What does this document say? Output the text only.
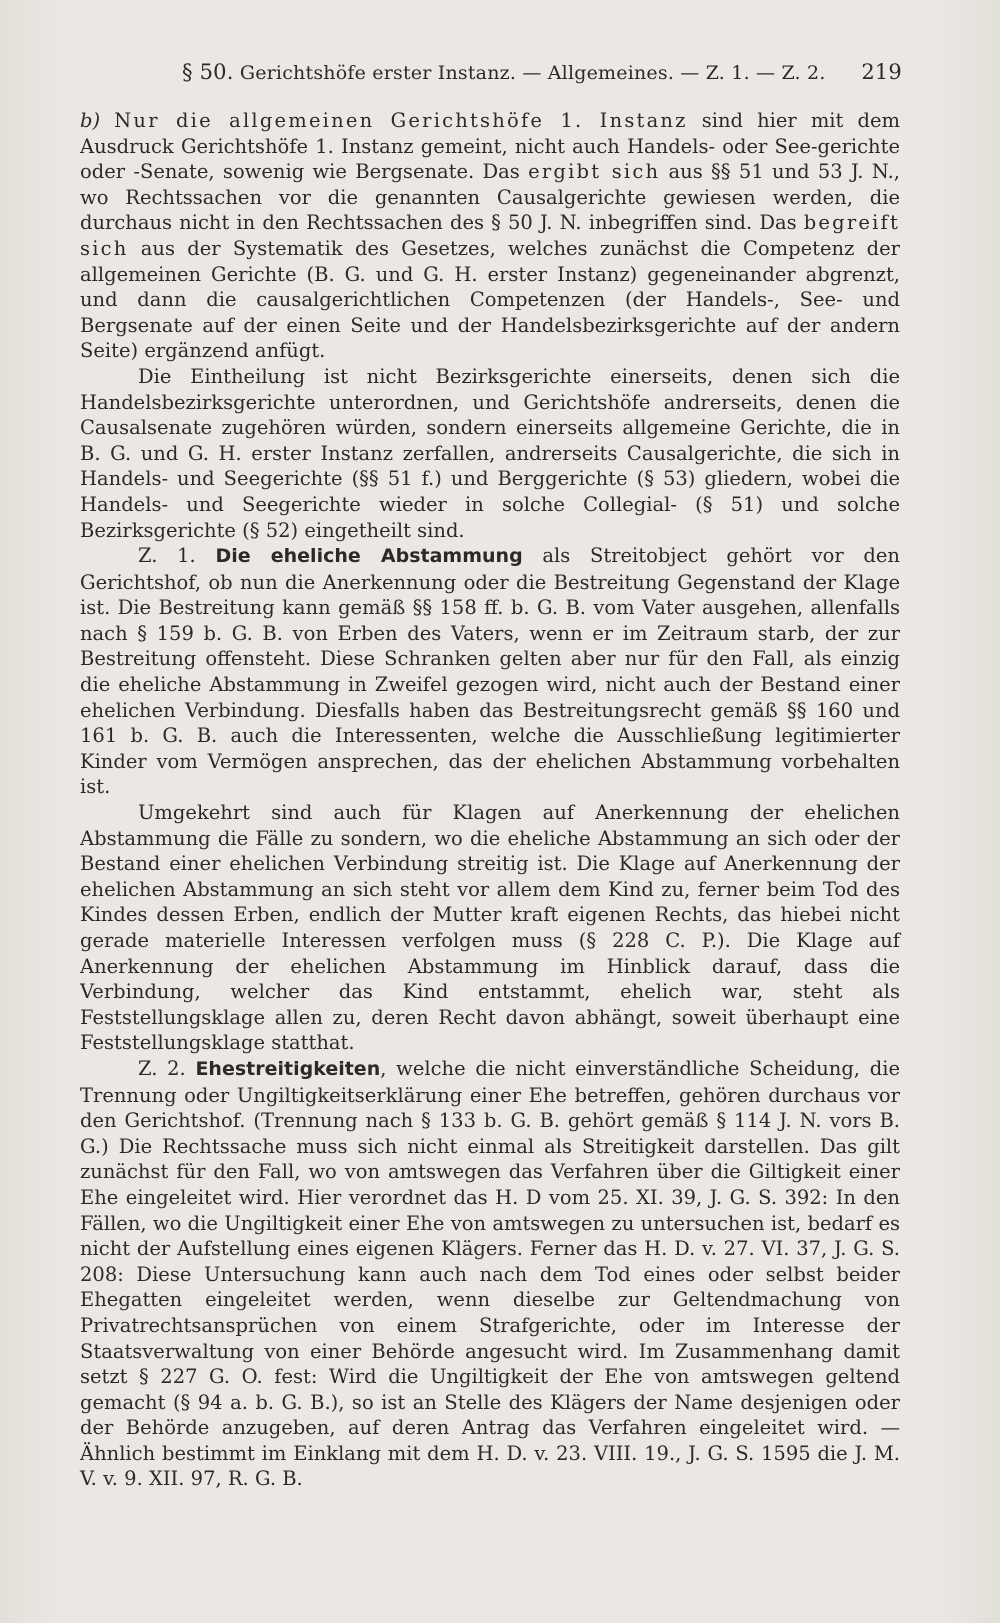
§ 50. Gerichtshöfe erster Instanz. — Allgemeines. — Z. 1. — Z. 2. 219

b) Nur die allgemeinen Gerichtshöfe 1. Instanz sind hier mit dem Ausdruck Gerichtshöfe 1. Instanz gemeint, nicht auch Handels- oder See-gerichte oder -Senate, sowenig wie Bergsenate. Das ergibt sich aus §§ 51 und 53 J. N., wo Rechtssachen vor die genannten Causalgerichte gewiesen werden, die durchaus nicht in den Rechtssachen des § 50 J. N. inbegriffen sind. Das begreift sich aus der Systematik des Gesetzes, welches zunächst die Competenz der allgemeinen Gerichte (B. G. und G. H. erster Instanz) gegeneinander abgrenzt, und dann die causalgerichtlichen Competenzen (der Handels-, See- und Bergsenate auf der einen Seite und der Handelsbezirksgerichte auf der andern Seite) ergänzend anfügt.

Die Eintheilung ist nicht Bezirksgerichte einerseits, denen sich die Handelsbezirksgerichte unterordnen, und Gerichtshöfe andrerseits, denen die Causalsenate zugehören würden, sondern einerseits allgemeine Gerichte, die in B. G. und G. H. erster Instanz zerfallen, andrerseits Causalgerichte, die sich in Handels- und Seegerichte (§§ 51 f.) und Berggerichte (§ 53) gliedern, wobei die Handels- und Seegerichte wieder in solche Collegial- (§ 51) und solche Bezirksgerichte (§ 52) eingetheilt sind.

Z. 1. Die eheliche Abstammung als Streitobject gehört vor den Gerichtshof, ob nun die Anerkennung oder die Bestreitung Gegenstand der Klage ist. Die Bestreitung kann gemäß §§ 158 ff. b. G. B. vom Vater ausgehen, allenfalls nach § 159 b. G. B. von Erben des Vaters, wenn er im Zeitraum starb, der zur Bestreitung offensteht. Diese Schranken gelten aber nur für den Fall, als einzig die eheliche Abstammung in Zweifel gezogen wird, nicht auch der Bestand einer ehelichen Verbindung. Diesfalls haben das Bestreitungsrecht gemäß §§ 160 und 161 b. G. B. auch die Interessenten, welche die Ausschließung legitimierter Kinder vom Vermögen ansprechen, das der ehelichen Abstammung vorbehalten ist.

Umgekehrt sind auch für Klagen auf Anerkennung der ehelichen Abstammung die Fälle zu sondern, wo die eheliche Abstammung an sich oder der Bestand einer ehelichen Verbindung streitig ist. Die Klage auf Anerkennung der ehelichen Abstammung an sich steht vor allem dem Kind zu, ferner beim Tod des Kindes dessen Erben, endlich der Mutter kraft eigenen Rechts, das hiebei nicht gerade materielle Interessen verfolgen muss (§ 228 C. P.). Die Klage auf Anerkennung der ehelichen Abstammung im Hinblick darauf, dass die Verbindung, welcher das Kind entstammt, ehelich war, steht als Feststellungsklage allen zu, deren Recht davon abhängt, soweit überhaupt eine Feststellungsklage statthat.

Z. 2. Ehestreitigkeiten, welche die nicht einverständliche Scheidung, die Trennung oder Ungiltigkeitserklärung einer Ehe betreffen, gehören durchaus vor den Gerichtshof. (Trennung nach § 133 b. G. B. gehört gemäß § 114 J. N. vors B. G.) Die Rechtssache muss sich nicht einmal als Streitigkeit darstellen. Das gilt zunächst für den Fall, wo von amtswegen das Verfahren über die Giltigkeit einer Ehe eingeleitet wird. Hier verordnet das H. D vom 25. XI. 39, J. G. S. 392: In den Fällen, wo die Ungiltigkeit einer Ehe von amtswegen zu untersuchen ist, bedarf es nicht der Aufstellung eines eigenen Klägers. Ferner das H. D. v. 27. VI. 37, J. G. S. 208: Diese Untersuchung kann auch nach dem Tod eines oder selbst beider Ehegatten eingeleitet werden, wenn dieselbe zur Geltendmachung von Privatrechtsansprüchen von einem Strafgerichte, oder im Interesse der Staatsverwaltung von einer Behörde angesucht wird. Im Zusammenhang damit setzt § 227 G. O. fest: Wird die Ungiltigkeit der Ehe von amtswegen geltend gemacht (§ 94 a. b. G. B.), so ist an Stelle des Klägers der Name desjenigen oder der Behörde anzugeben, auf deren Antrag das Verfahren eingeleitet wird. — Ähnlich bestimmt im Einklang mit dem H. D. v. 23. VIII. 19., J. G. S. 1595 die J. M. V. v. 9. XII. 97, R. G. B.
